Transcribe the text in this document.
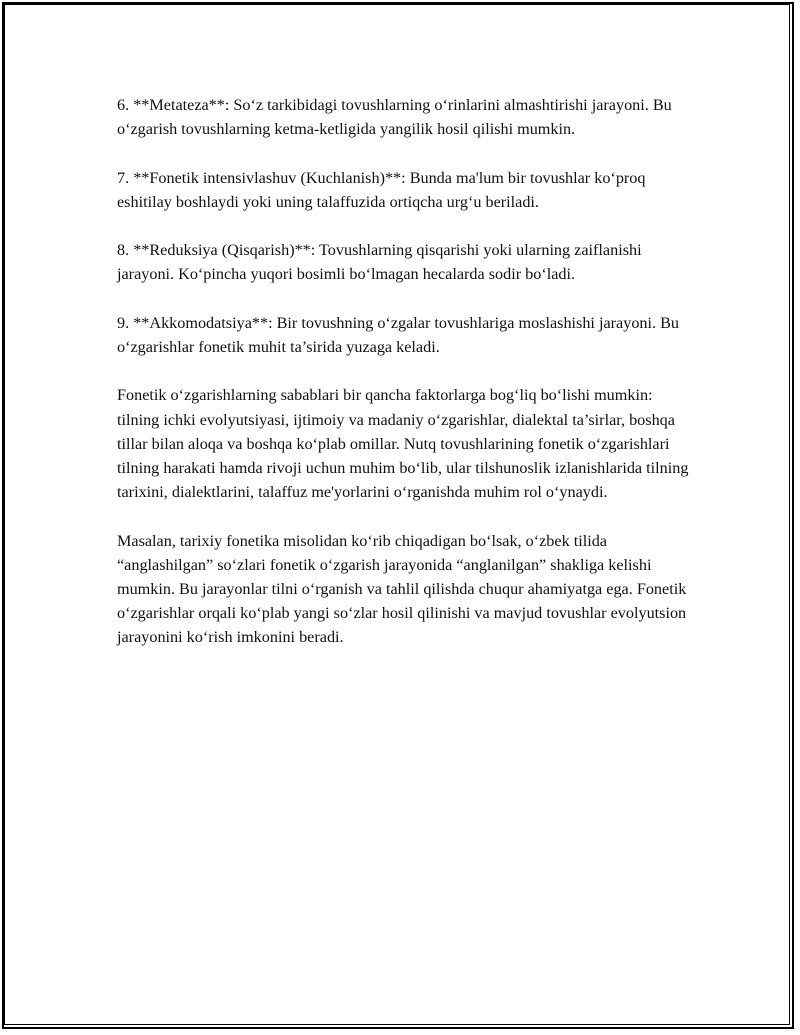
6. **Metateza**: So‘z tarkibidagi tovushlarning o‘rinlarini almashtirishi jarayoni. Bu o‘zgarish tovushlarning ketma-ketligida yangilik hosil qilishi mumkin.

7. **Fonetik intensivlashuv (Kuchlanish)**: Bunda ma'lum bir tovushlar ko‘proq eshitilay boshlaydi yoki uning talaffuzida ortiqcha urg‘u beriladi.

8. **Reduksiya (Qisqarish)**: Tovushlarning qisqarishi yoki ularning zaiflanishi jarayoni. Ko‘pincha yuqori bosimli bo‘lmagan hecalarda sodir bo‘ladi.

9. **Akkomodatsiya**: Bir tovushning o‘zgalar tovushlariga moslashishi jarayoni. Bu o‘zgarishlar fonetik muhit ta’sirida yuzaga keladi.

Fonetik o‘zgarishlarning sabablari bir qancha faktorlarga bog‘liq bo‘lishi mumkin: tilning ichki evolyutsiyasi, ijtimoiy va madaniy o‘zgarishlar, dialektal ta’sirlar, boshqa tillar bilan aloqa va boshqa ko‘plab omillar. Nutq tovushlarining fonetik o‘zgarishlari tilning harakati hamda rivoji uchun muhim bo‘lib, ular tilshunoslik izlanishlarida tilning tarixini, dialektlarini, talaffuz me'yorlarini o‘rganishda muhim rol o‘ynaydi.

Masalan, tarixiy fonetika misolidan ko‘rib chiqadigan bo‘lsak, o‘zbek tilida “anglashilgan” so‘zlari fonetik o‘zgarish jarayonida “anglanilgan” shakliga kelishi mumkin. Bu jarayonlar tilni o‘rganish va tahlil qilishda chuqur ahamiyatga ega. Fonetik o‘zgarishlar orqali ko‘plab yangi so‘zlar hosil qilinishi va mavjud tovushlar evolyutsion jarayonini ko‘rish imkonini beradi.
